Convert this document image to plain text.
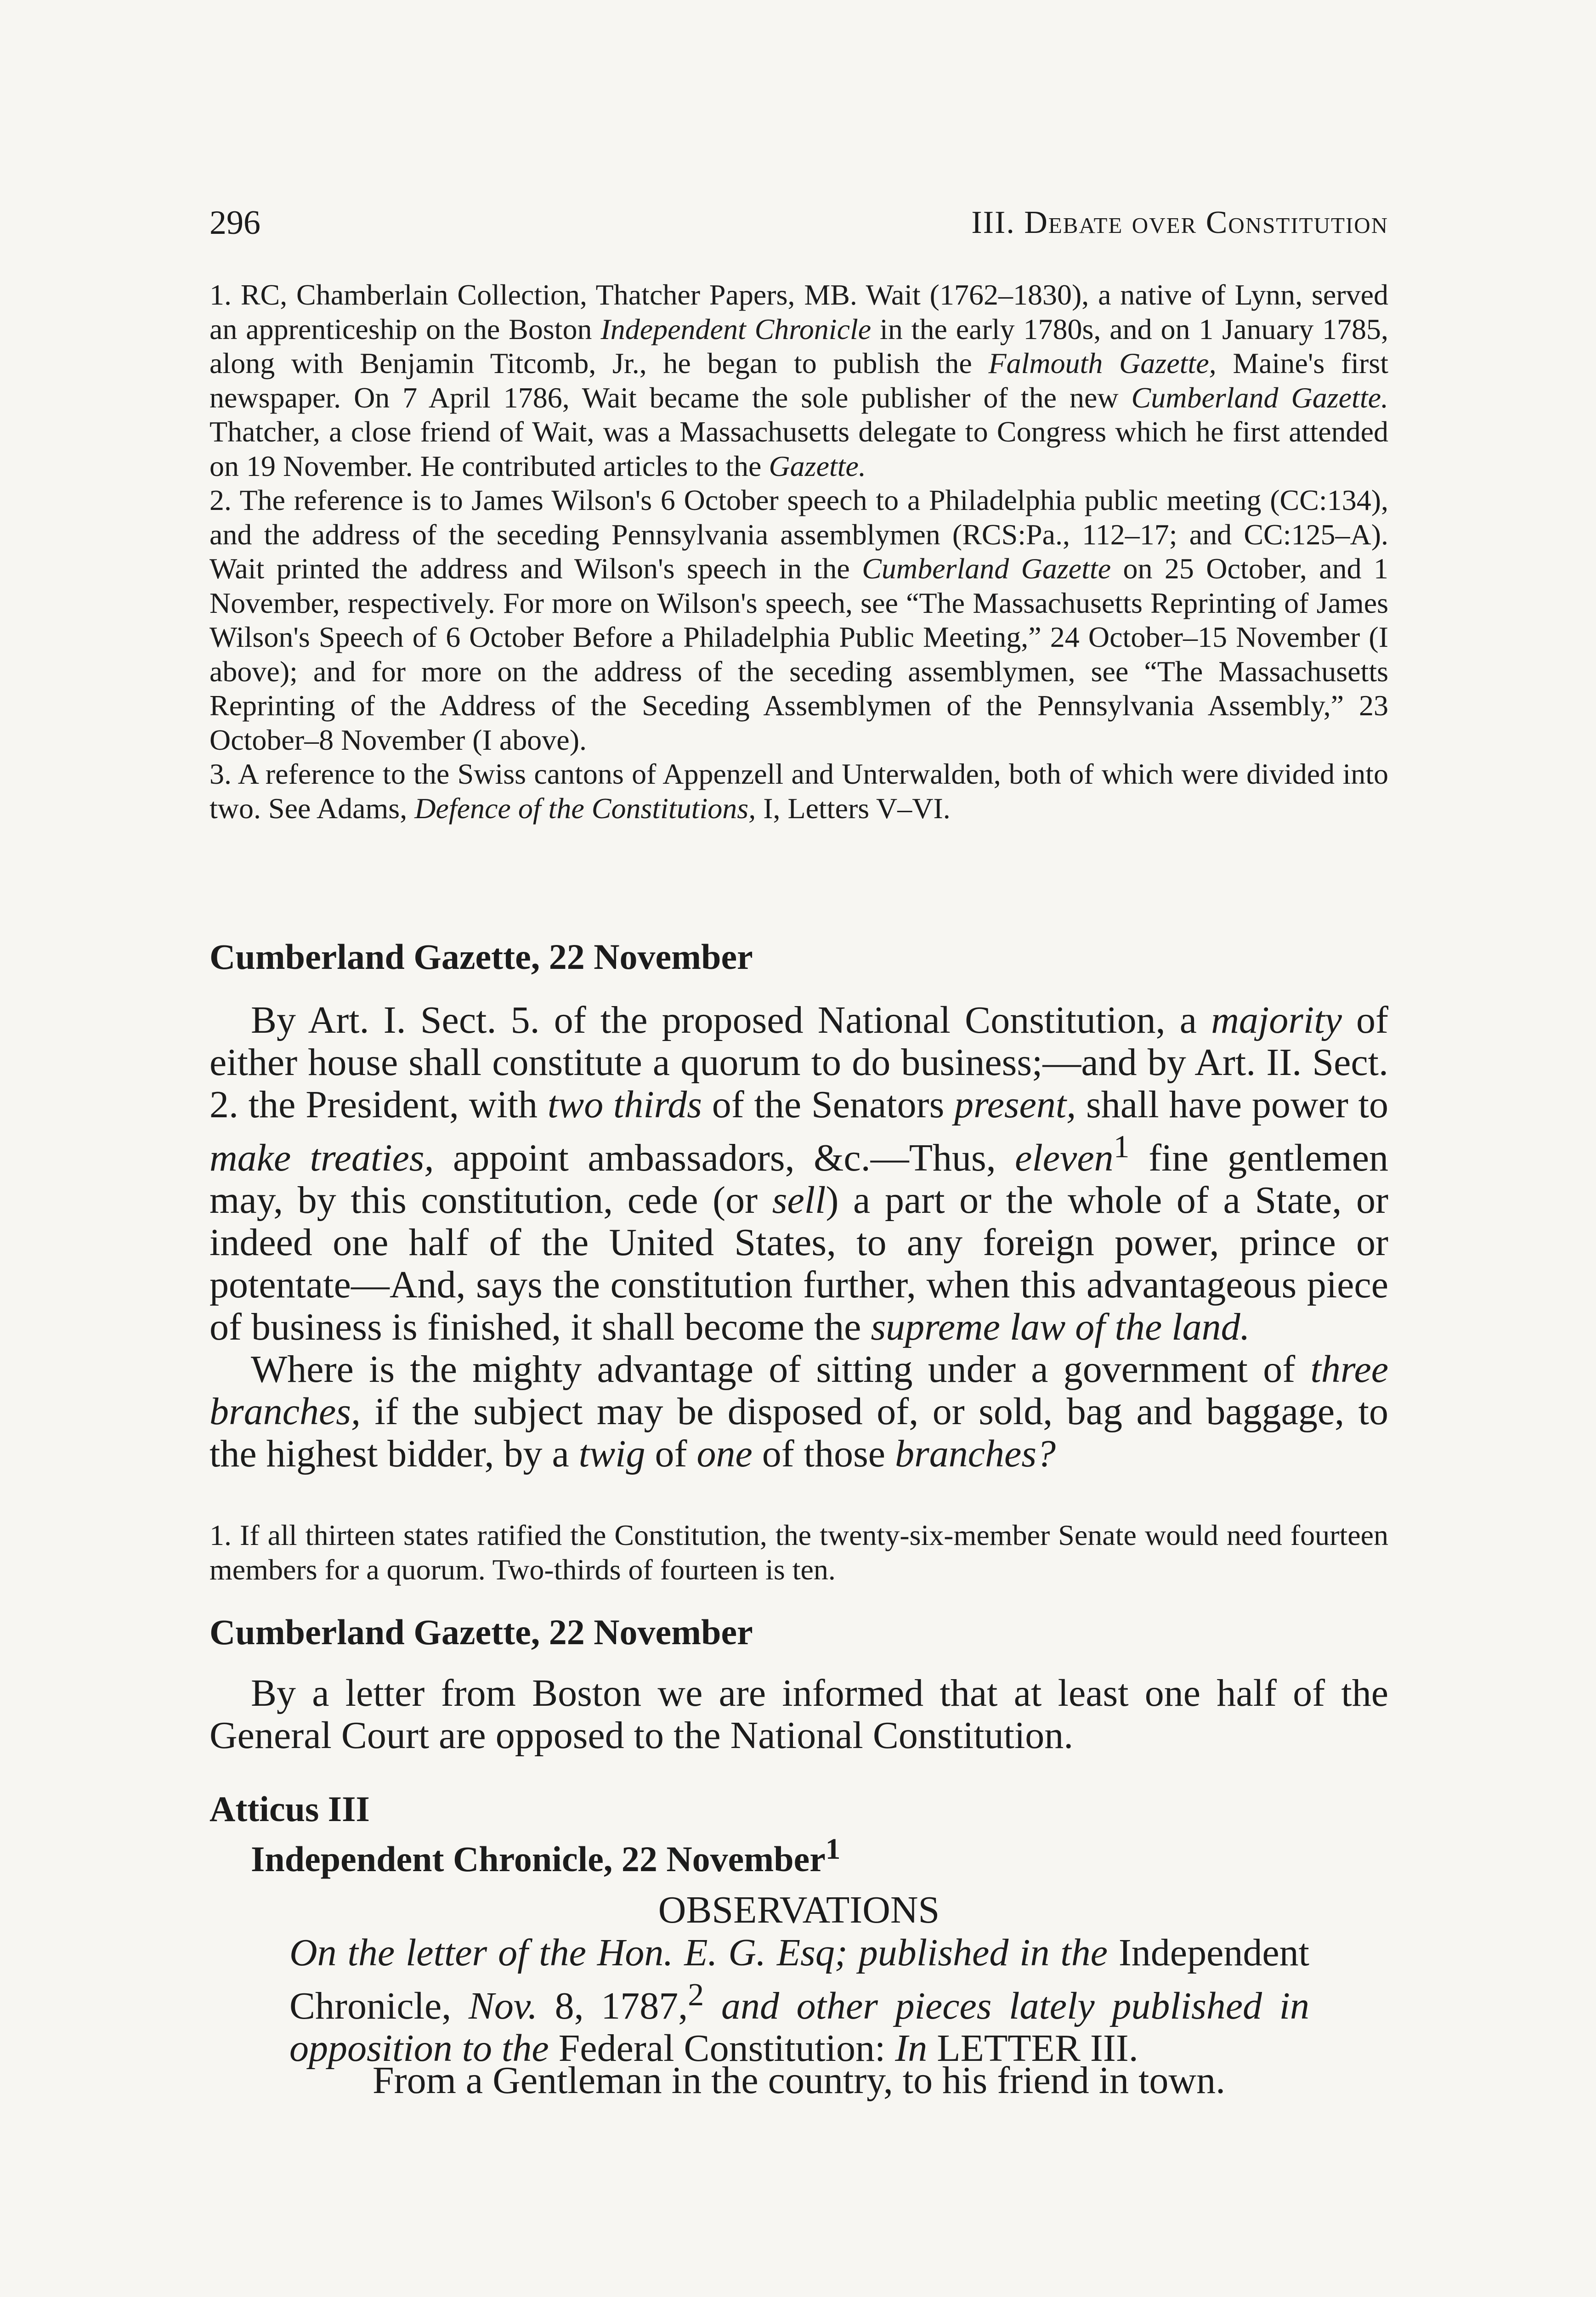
296	III. Debate over Constitution

1. RC, Chamberlain Collection, Thatcher Papers, MB. Wait (1762–1830), a native of Lynn, served an apprenticeship on the Boston Independent Chronicle in the early 1780s, and on 1 January 1785, along with Benjamin Titcomb, Jr., he began to publish the Falmouth Gazette, Maine's first newspaper. On 7 April 1786, Wait became the sole publisher of the new Cumberland Gazette. Thatcher, a close friend of Wait, was a Massachusetts delegate to Congress which he first attended on 19 November. He contributed articles to the Gazette.

2. The reference is to James Wilson's 6 October speech to a Philadelphia public meeting (CC:134), and the address of the seceding Pennsylvania assemblymen (RCS:Pa., 112–17; and CC:125–A). Wait printed the address and Wilson's speech in the Cumberland Gazette on 25 October, and 1 November, respectively. For more on Wilson's speech, see “The Massachusetts Reprinting of James Wilson's Speech of 6 October Before a Philadelphia Public Meeting,” 24 October–15 November (I above); and for more on the address of the seceding assemblymen, see “The Massachusetts Reprinting of the Address of the Seceding Assemblymen of the Pennsylvania Assembly,” 23 October–8 November (I above).

3. A reference to the Swiss cantons of Appenzell and Unterwalden, both of which were divided into two. See Adams, Defence of the Constitutions, I, Letters V–VI.

Cumberland Gazette, 22 November

By Art. I. Sect. 5. of the proposed National Constitution, a majority of either house shall constitute a quorum to do business;—and by Art. II. Sect. 2. the President, with two thirds of the Senators present, shall have power to make treaties, appoint ambassadors, &c.—Thus, eleven$^1$ fine gentlemen may, by this constitution, cede (or sell) a part or the whole of a State, or indeed one half of the United States, to any foreign power, prince or potentate—And, says the constitution further, when this advantageous piece of business is finished, it shall become the supreme law of the land.

Where is the mighty advantage of sitting under a government of three branches, if the subject may be disposed of, or sold, bag and baggage, to the highest bidder, by a twig of one of those branches?

1. If all thirteen states ratified the Constitution, the twenty-six-member Senate would need fourteen members for a quorum. Two-thirds of fourteen is ten.

Cumberland Gazette, 22 November

By a letter from Boston we are informed that at least one half of the General Court are opposed to the National Constitution.

Atticus III
Independent Chronicle, 22 November$^1$
OBSERVATIONS
On the letter of the Hon. E. G. Esq; published in the Independent Chronicle, Nov. 8, 1787,$^2$ and other pieces lately published in opposition to the Federal Constitution: In LETTER III.
From a Gentleman in the country, to his friend in town.
